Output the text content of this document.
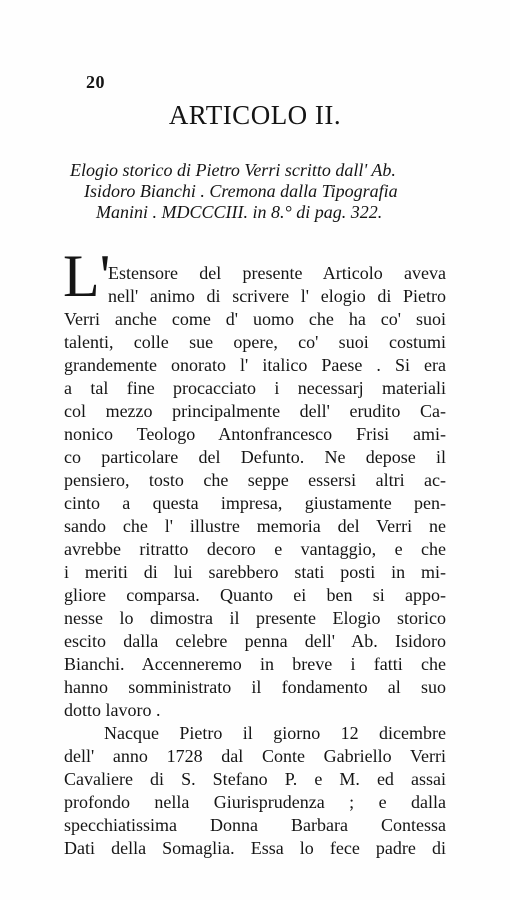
20
ARTICOLO II.
Elogio storico di Pietro Verri scritto dall' Ab.
Isidoro Bianchi . Cremona dalla Tipografia
Manini . MDCCCIII. in 8.° di pag. 322.
L'
Estensore del presente Articolo aveva
nell' animo di scrivere l' elogio di Pietro
Verri anche come d' uomo che ha co' suoi
talenti, colle sue opere, co' suoi costumi
grandemente onorato l' italico Paese . Si era
a tal fine procacciato i necessarj materiali
col mezzo principalmente dell' erudito Ca-
nonico Teologo Antonfrancesco Frisi ami-
co particolare del Defunto. Ne depose il
pensiero, tosto che seppe essersi altri ac-
cinto a questa impresa, giustamente pen-
sando che l' illustre memoria del Verri ne
avrebbe ritratto decoro e vantaggio, e che
i meriti di lui sarebbero stati posti in mi-
gliore comparsa. Quanto ei ben si appo-
nesse lo dimostra il presente Elogio storico
escito dalla celebre penna dell' Ab. Isidoro
Bianchi. Accenneremo in breve i fatti che
hanno somministrato il fondamento al suo
dotto lavoro .
Nacque Pietro il giorno 12 dicembre
dell' anno 1728 dal Conte Gabriello Verri
Cavaliere di S. Stefano P. e M. ed assai
profondo nella Giurisprudenza ; e dalla
specchiatissima Donna Barbara Contessa
Dati della Somaglia. Essa lo fece padre di
